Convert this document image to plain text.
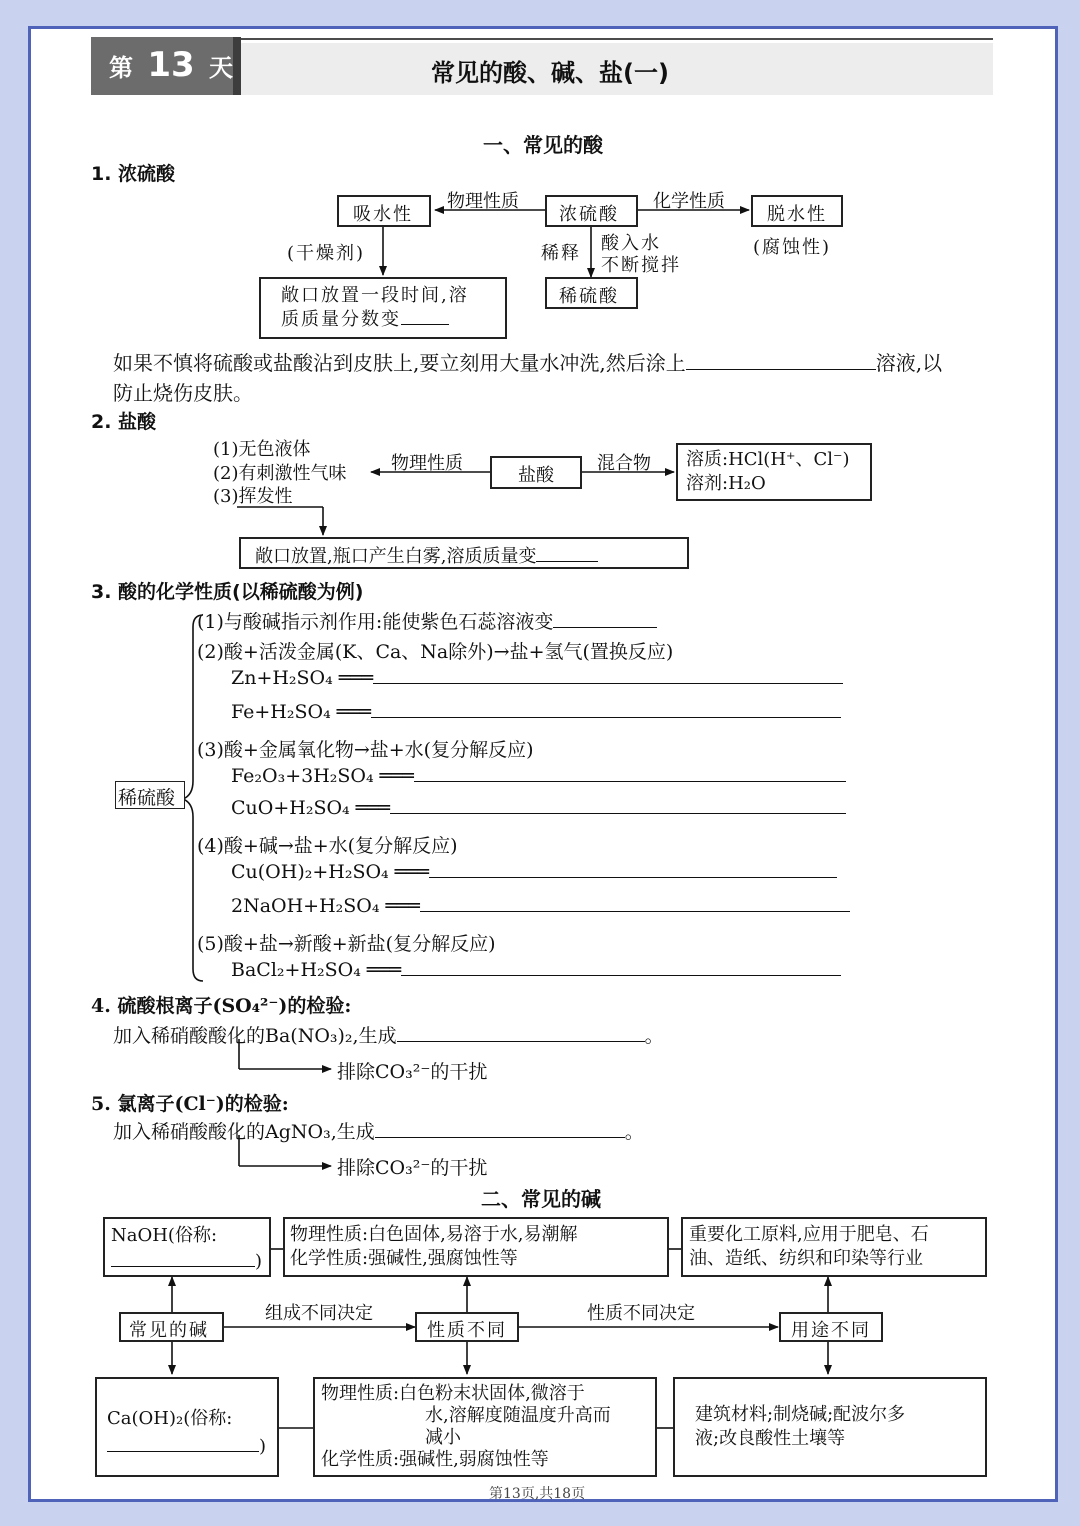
第 13 天	常见的酸、碱、盐(一)
一、常见的酸
1. 浓硫酸
吸水性
物理性质
浓硫酸
化学性质
脱水性
(干燥剂)	(腐蚀性)
稀释 酸入水
不断搅拌
稀硫酸
敞口放置一段时间,溶
质质量分数变
如果不慎将硫酸或盐酸沾到皮肤上,要立刻用大量水冲洗,然后涂上	溶液,以
防止烧伤皮肤。
2. 盐酸
(1)无色液体
(2)有刺激性气味
(3)挥发性
物理性质
盐酸
混合物 溶质:HCl(H⁺、Cl⁻)
溶剂:H₂O
敞口放置,瓶口产生白雾,溶质质量变
3. 酸的化学性质(以稀硫酸为例)
稀硫酸
(1)与酸碱指示剂作用:能使紫色石蕊溶液变
(2)酸+活泼金属(K、Ca、Na除外)→盐+氢气(置换反应)
Zn+H₂SO₄ ═══
Fe+H₂SO₄ ═══
(3)酸+金属氧化物→盐+水(复分解反应)
Fe₂O₃+3H₂SO₄ ═══
CuO+H₂SO₄ ═══
(4)酸+碱→盐+水(复分解反应)
Cu(OH)₂+H₂SO₄ ═══
2NaOH+H₂SO₄ ═══
(5)酸+盐→新酸+新盐(复分解反应)
BaCl₂+H₂SO₄ ═══
4. 硫酸根离子(SO₄²⁻)的检验:
加入稀硝酸酸化的Ba(NO₃)₂,生成	。
排除CO₃²⁻的干扰
5. 氯离子(Cl⁻)的检验:
加入稀硝酸酸化的AgNO₃,生成	。
排除CO₃²⁻的干扰
二、常见的碱
NaOH(俗称:
)
物理性质:白色固体,易溶于水,易潮解
化学性质:强碱性,强腐蚀性等
重要化工原料,应用于肥皂、石
油、造纸、纺织和印染等行业
常见的碱
组成不同决定
性质不同
性质不同决定
用途不同
Ca(OH)₂(俗称:
)
物理性质:白色粉末状固体,微溶于
水,溶解度随温度升高而
减小
化学性质:强碱性,弱腐蚀性等
建筑材料;制烧碱;配波尔多
液;改良酸性土壤等
第13页,共18页
